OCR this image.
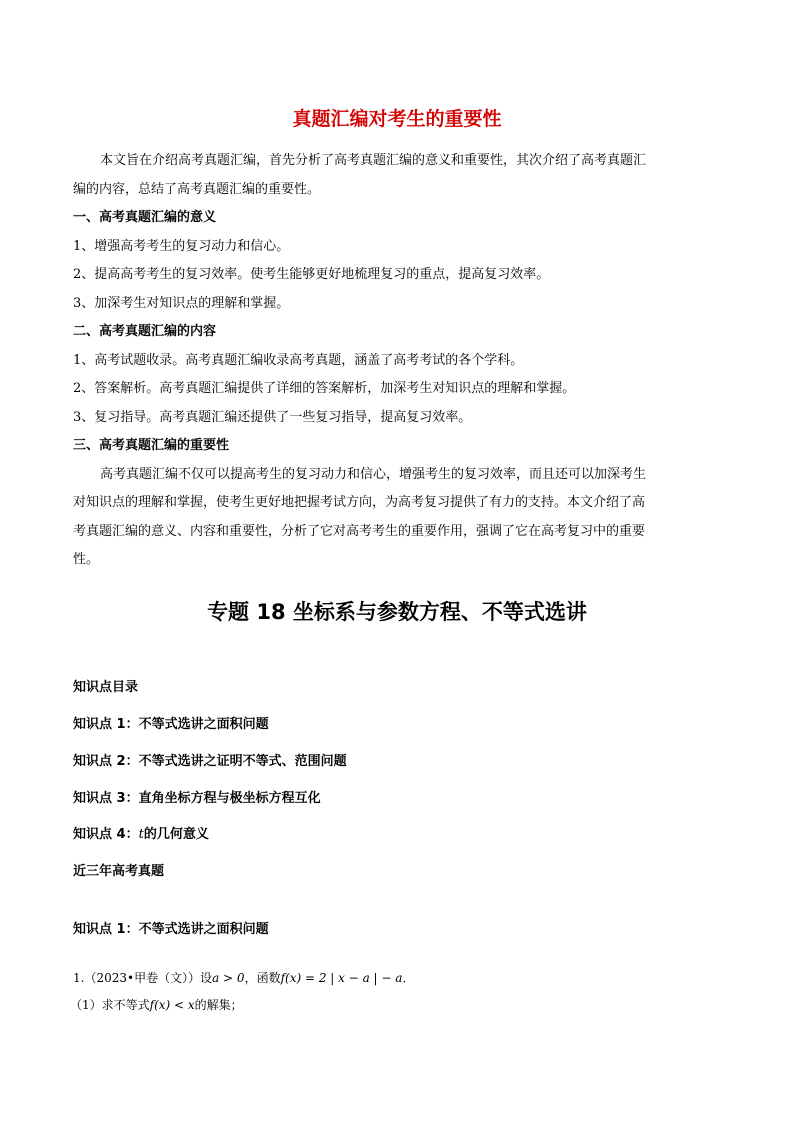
真题汇编对考生的重要性
本文旨在介绍高考真题汇编，首先分析了高考真题汇编的意义和重要性，其次介绍了高考真题汇
编的内容，总结了高考真题汇编的重要性。
一、高考真题汇编的意义
1、增强高考考生的复习动力和信心。
2、提高高考考生的复习效率。使考生能够更好地梳理复习的重点，提高复习效率。
3、加深考生对知识点的理解和掌握。
二、高考真题汇编的内容
1、高考试题收录。高考真题汇编收录高考真题，涵盖了高考考试的各个学科。
2、答案解析。高考真题汇编提供了详细的答案解析，加深考生对知识点的理解和掌握。
3、复习指导。高考真题汇编还提供了一些复习指导，提高复习效率。
三、高考真题汇编的重要性
高考真题汇编不仅可以提高考生的复习动力和信心，增强考生的复习效率，而且还可以加深考生
对知识点的理解和掌握，使考生更好地把握考试方向，为高考复习提供了有力的支持。本文介绍了高
考真题汇编的意义、内容和重要性，分析了它对高考考生的重要作用，强调了它在高考复习中的重要
性。
专题 18 坐标系与参数方程、不等式选讲
知识点目录
知识点 1：不等式选讲之面积问题
知识点 2：不等式选讲之证明不等式、范围问题
知识点 3：直角坐标方程与极坐标方程互化
知识点 4：t的几何意义
近三年高考真题
知识点 1：不等式选讲之面积问题
1.（2023•甲卷（文））设a > 0，函数f(x) = 2 | x − a | − a．
（1）求不等式f(x) < x的解集；
